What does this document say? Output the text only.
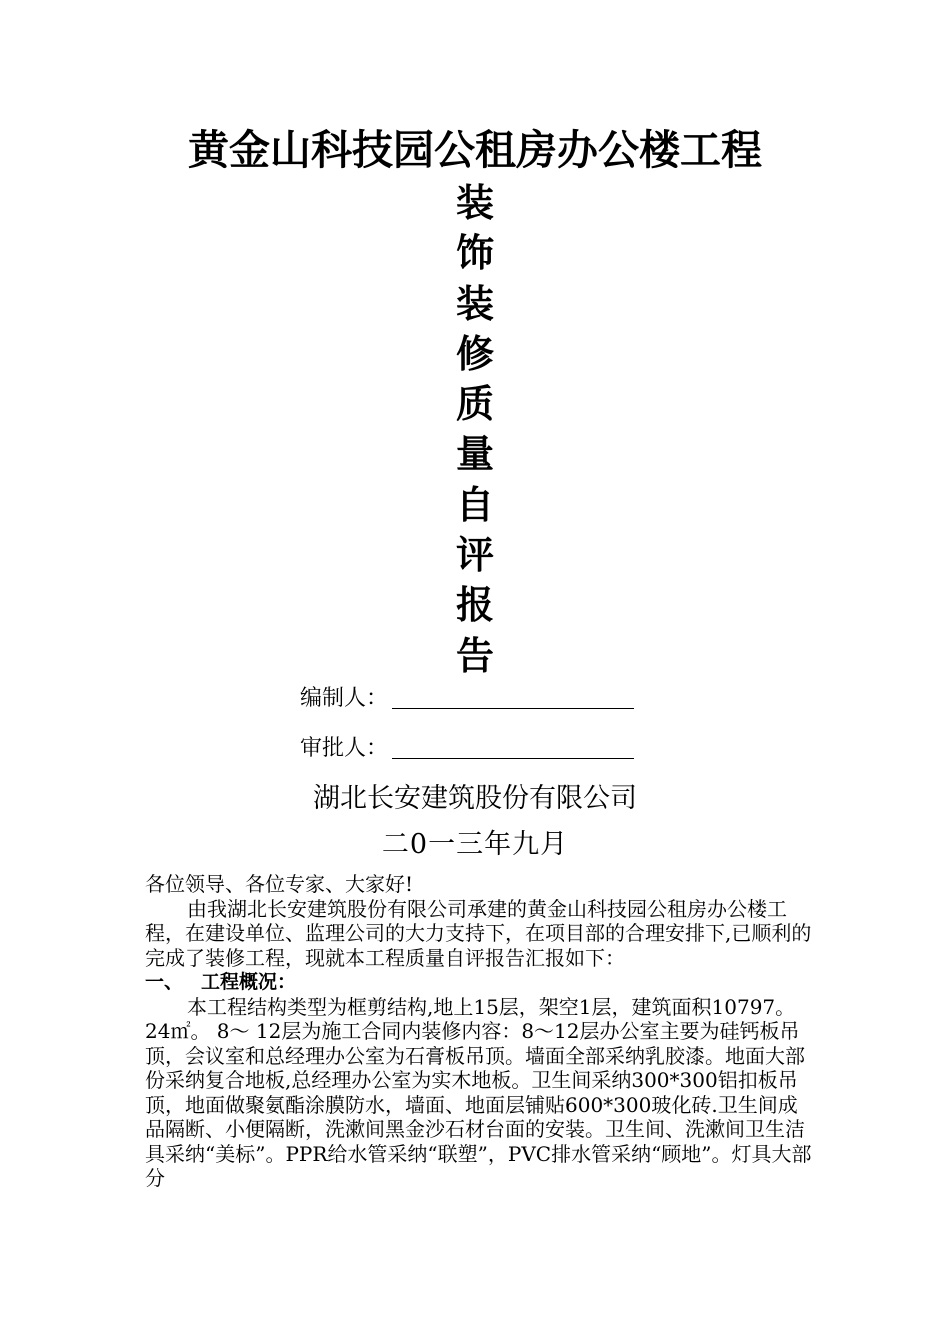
黄金山科技园公租房办公楼工程
装
饰
装
修
质
量
自
评
报
告
编制人：
审批人：
湖北长安建筑股份有限公司
二0一三年九月

各位领导、各位专家、大家好!

由我湖北长安建筑股份有限公司承建的黄金山科技园公租房办公楼工程，在建设单位、监理公司的大力支持下，在项目部的合理安排下,已顺利的完成了装修工程，现就本工程质量自评报告汇报如下：

一、 工程概况：

本工程结构类型为框剪结构,地上15层，架空1层，建筑面积10797。24㎡。 8～ 12层为施工合同内装修内容：8～12层办公室主要为硅钙板吊顶，会议室和总经理办公室为石膏板吊顶。墙面全部采纳乳胶漆。地面大部份采纳复合地板,总经理办公室为实木地板。卫生间采纳300*300铝扣板吊顶，地面做聚氨酯涂膜防水，墙面、地面层铺贴600*300玻化砖.卫生间成品隔断、小便隔断，洗漱间黑金沙石材台面的安装。卫生间、洗漱间卫生洁具采纳“美标”。PPR给水管采纳“联塑”，PVC排水管采纳“顾地”。灯具大部分
